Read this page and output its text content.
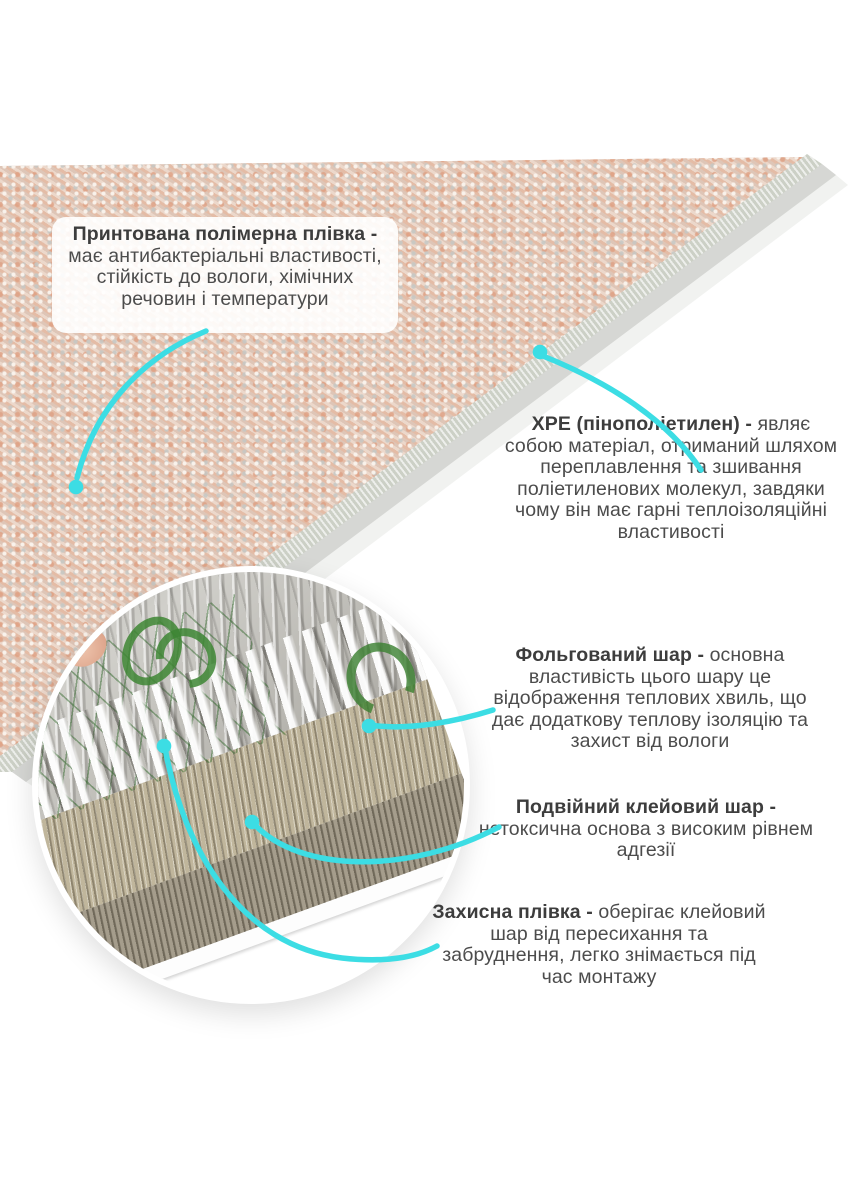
Принтована полімерна плівка - має антибактеріальні властивості, стійкість до вологи, хімічних речовин і температури

XPE (пінополіетилен) - являє собою матеріал, отриманий шляхом переплавлення та зшивання поліетиленових молекул, завдяки чому він має гарні теплоізоляційні властивості

Фольгований шар - основна властивість цього шару це відображення теплових хвиль, що дає додаткову теплову ізоляцію та захист від вологи

Подвійний клейовий шар - нетоксична основа з високим рівнем адгезії

Захисна плівка - оберігає клейовий шар від пересихання та забруднення, легко знімається під час монтажу
